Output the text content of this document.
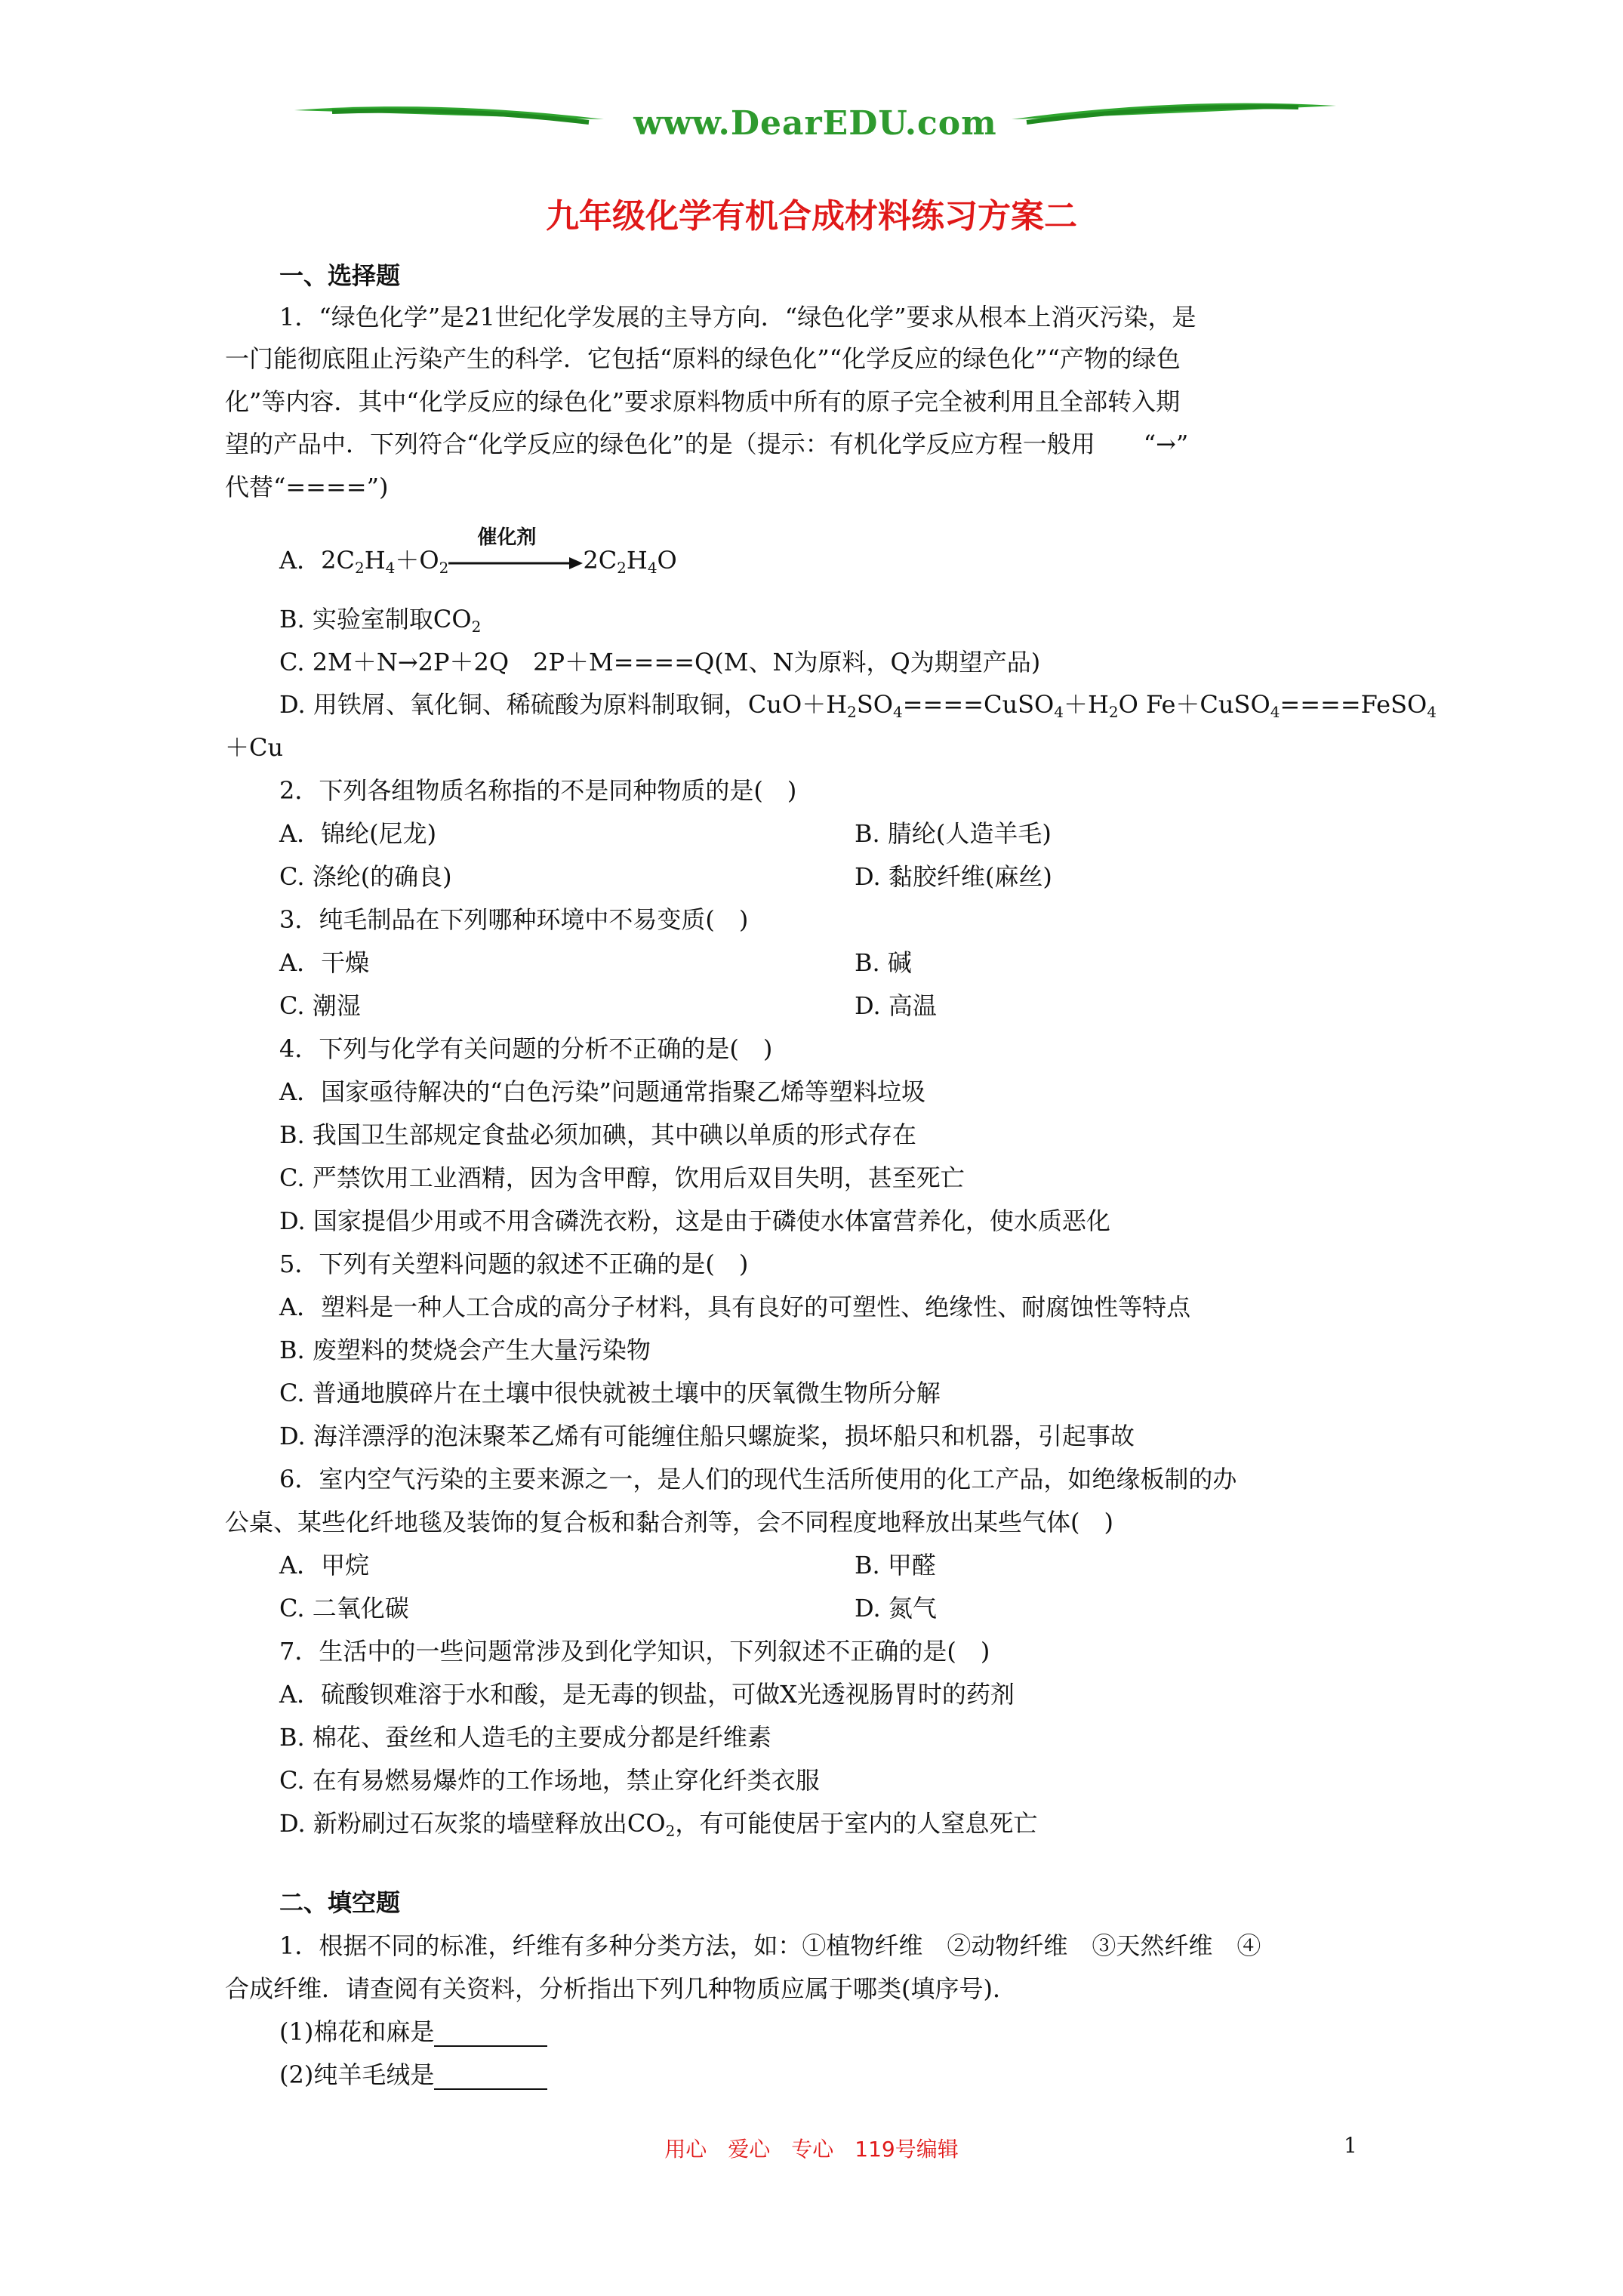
www.DearEDU.com
九年级化学有机合成材料练习方案二
一、选择题
1．“绿色化学”是21世纪化学发展的主导方向．“绿色化学”要求从根本上消灭污染，是
一门能彻底阻止污染产生的科学．它包括“原料的绿色化”“化学反应的绿色化”“产物的绿色
化”等内容．其中“化学反应的绿色化”要求原料物质中所有的原子完全被利用且全部转入期
望的产品中．下列符合“化学反应的绿色化”的是（提示：有机化学反应方程一般用　　“→”
代替“====”)
A．$2C_2H_4+O_2$
催化剂
$2C_2H_4O$
B. 实验室制取$CO_2$
C. 2M＋N→2P＋2Q　2P＋M====Q(M、N为原料，Q为期望产品)
D. 用铁屑、氧化铜、稀硫酸为原料制取铜，$CuO+H_2SO_4====CuSO_4+H_2O$ Fe＋CuSO$_4$====FeSO$_4$
＋Cu
2．下列各组物质名称指的不是同种物质的是(　)
A．锦纶(尼龙)	B. 腈纶(人造羊毛)
C. 涤纶(的确良)	D. 黏胶纤维(麻丝)
3．纯毛制品在下列哪种环境中不易变质(　)
A．干燥	B. 碱
C. 潮湿	D. 高温
4．下列与化学有关问题的分析不正确的是(　)
A．国家亟待解决的“白色污染”问题通常指聚乙烯等塑料垃圾
B. 我国卫生部规定食盐必须加碘，其中碘以单质的形式存在
C. 严禁饮用工业酒精，因为含甲醇，饮用后双目失明，甚至死亡
D. 国家提倡少用或不用含磷洗衣粉，这是由于磷使水体富营养化，使水质恶化
5．下列有关塑料问题的叙述不正确的是(　)
A．塑料是一种人工合成的高分子材料，具有良好的可塑性、绝缘性、耐腐蚀性等特点
B. 废塑料的焚烧会产生大量污染物
C. 普通地膜碎片在土壤中很快就被土壤中的厌氧微生物所分解
D. 海洋漂浮的泡沫聚苯乙烯有可能缠住船只螺旋桨，损坏船只和机器，引起事故
6．室内空气污染的主要来源之一，是人们的现代生活所使用的化工产品，如绝缘板制的办
公桌、某些化纤地毯及装饰的复合板和黏合剂等，会不同程度地释放出某些气体(　)
A．甲烷	B. 甲醛
C. 二氧化碳	D. 氮气
7．生活中的一些问题常涉及到化学知识，下列叙述不正确的是(　)
A．硫酸钡难溶于水和酸，是无毒的钡盐，可做X光透视肠胃时的药剂
B. 棉花、蚕丝和人造毛的主要成分都是纤维素
C. 在有易燃易爆炸的工作场地，禁止穿化纤类衣服
D. 新粉刷过石灰浆的墙壁释放出$CO_2$，有可能使居于室内的人窒息死亡
二、填空题
1．根据不同的标准，纤维有多种分类方法，如：①植物纤维　②动物纤维　③天然纤维　④
合成纤维．请查阅有关资料，分析指出下列几种物质应属于哪类(填序号)．
(1)棉花和麻是
(2)纯羊毛绒是
用心　爱心　专心　119号编辑	1
